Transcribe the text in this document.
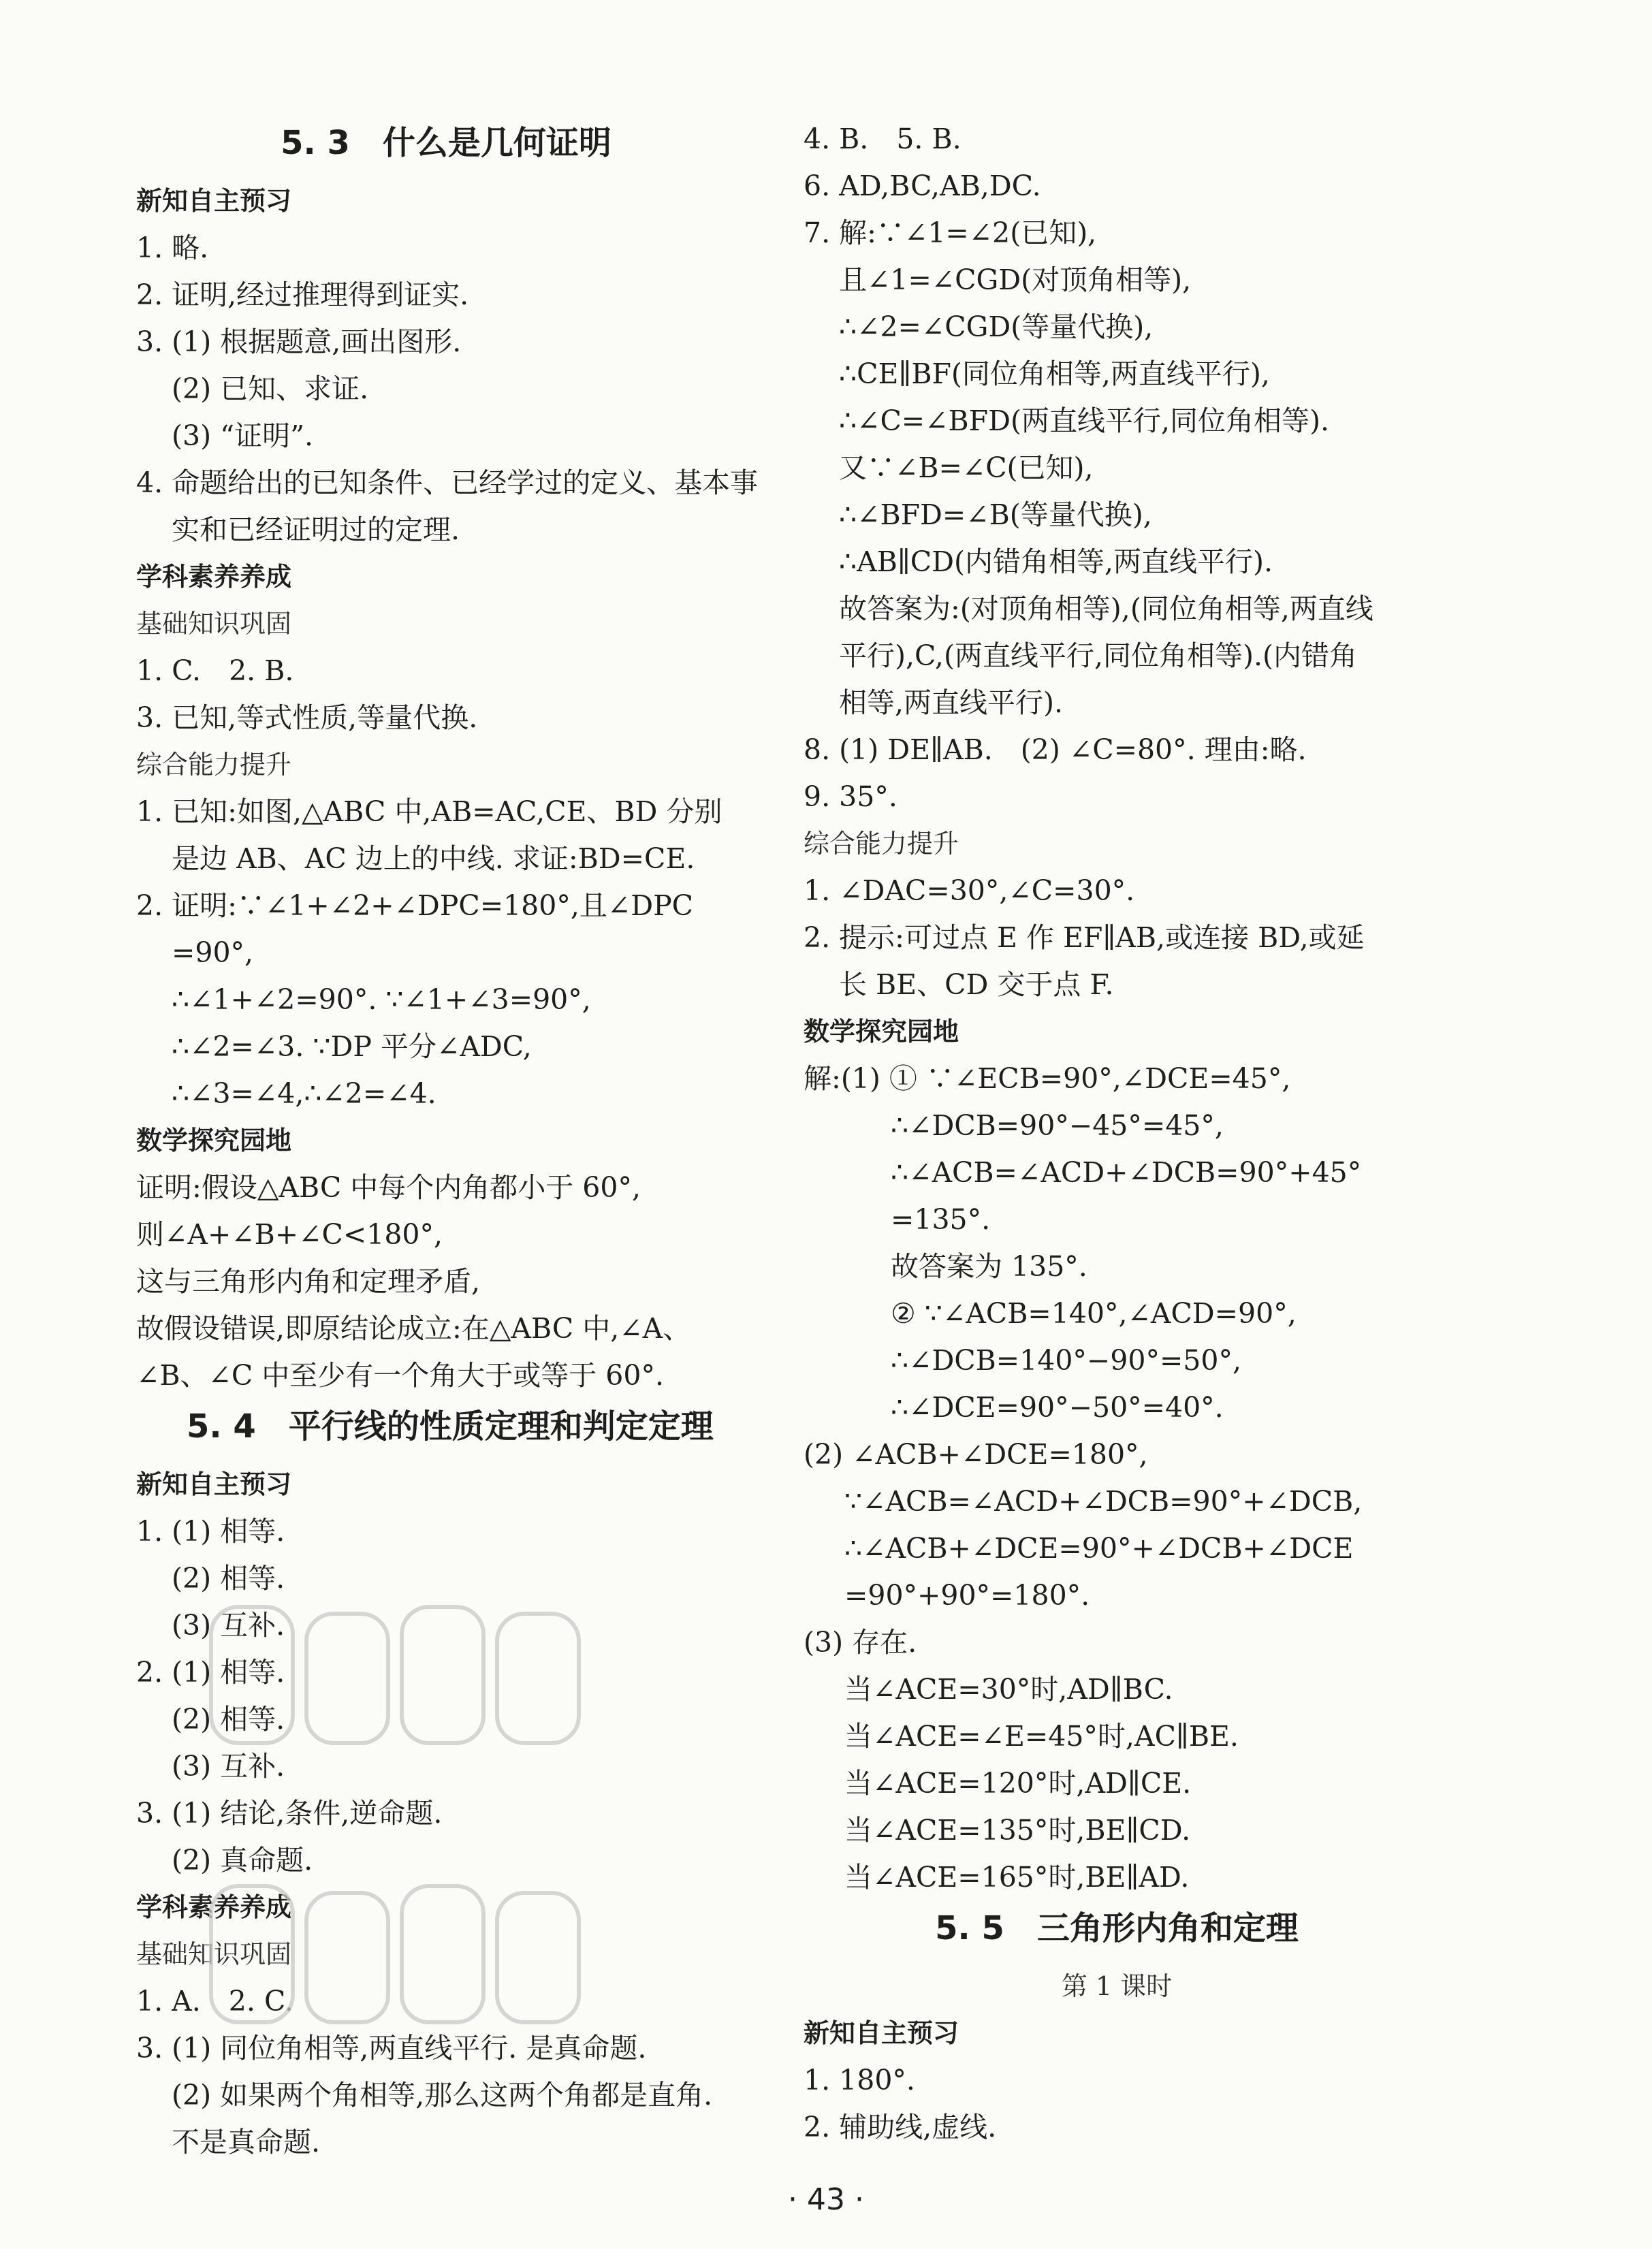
5. 3　什么是几何证明
新知自主预习
1. 略.
2. 证明,经过推理得到证实.
3. (1) 根据题意,画出图形.
(2) 已知、求证.
(3) “证明”.
4. 命题给出的已知条件、已经学过的定义、基本事
实和已经证明过的定理.
学科素养养成
基础知识巩固
1. C.　2. B.
3. 已知,等式性质,等量代换.
综合能力提升
1. 已知:如图,△ABC 中,AB=AC,CE、BD 分别
是边 AB、AC 边上的中线. 求证:BD=CE.
2. 证明:∵∠1+∠2+∠DPC=180°,且∠DPC
=90°,
∴∠1+∠2=90°. ∵∠1+∠3=90°,
∴∠2=∠3. ∵DP 平分∠ADC,
∴∠3=∠4,∴∠2=∠4.
数学探究园地
证明:假设△ABC 中每个内角都小于 60°,
则∠A+∠B+∠C<180°,
这与三角形内角和定理矛盾,
故假设错误,即原结论成立:在△ABC 中,∠A、
∠B、∠C 中至少有一个角大于或等于 60°.
5. 4　平行线的性质定理和判定定理
新知自主预习
1. (1) 相等.
(2) 相等.
(3) 互补.
2. (1) 相等.
(2) 相等.
(3) 互补.
3. (1) 结论,条件,逆命题.
(2) 真命题.
学科素养养成
基础知识巩固
1. A.　2. C.
3. (1) 同位角相等,两直线平行. 是真命题.
(2) 如果两个角相等,那么这两个角都是直角.
不是真命题.
4. B.　5. B.
6. AD,BC,AB,DC.
7. 解:∵∠1=∠2(已知),
且∠1=∠CGD(对顶角相等),
∴∠2=∠CGD(等量代换),
∴CE∥BF(同位角相等,两直线平行),
∴∠C=∠BFD(两直线平行,同位角相等).
又∵∠B=∠C(已知),
∴∠BFD=∠B(等量代换),
∴AB∥CD(内错角相等,两直线平行).
故答案为:(对顶角相等),(同位角相等,两直线
平行),C,(两直线平行,同位角相等).(内错角
相等,两直线平行).
8. (1) DE∥AB.　(2) ∠C=80°. 理由:略.
9. 35°.
综合能力提升
1. ∠DAC=30°,∠C=30°.
2. 提示:可过点 E 作 EF∥AB,或连接 BD,或延
长 BE、CD 交于点 F.
数学探究园地
解:(1) ① ∵∠ECB=90°,∠DCE=45°,
∴∠DCB=90°−45°=45°,
∴∠ACB=∠ACD+∠DCB=90°+45°
=135°.
故答案为 135°.
② ∵∠ACB=140°,∠ACD=90°,
∴∠DCB=140°−90°=50°,
∴∠DCE=90°−50°=40°.
(2) ∠ACB+∠DCE=180°,
∵∠ACB=∠ACD+∠DCB=90°+∠DCB,
∴∠ACB+∠DCE=90°+∠DCB+∠DCE
=90°+90°=180°.
(3) 存在.
当∠ACE=30°时,AD∥BC.
当∠ACE=∠E=45°时,AC∥BE.
当∠ACE=120°时,AD∥CE.
当∠ACE=135°时,BE∥CD.
当∠ACE=165°时,BE∥AD.
5. 5　三角形内角和定理
第 1 课时
新知自主预习
1. 180°.
2. 辅助线,虚线.
· 43 ·
